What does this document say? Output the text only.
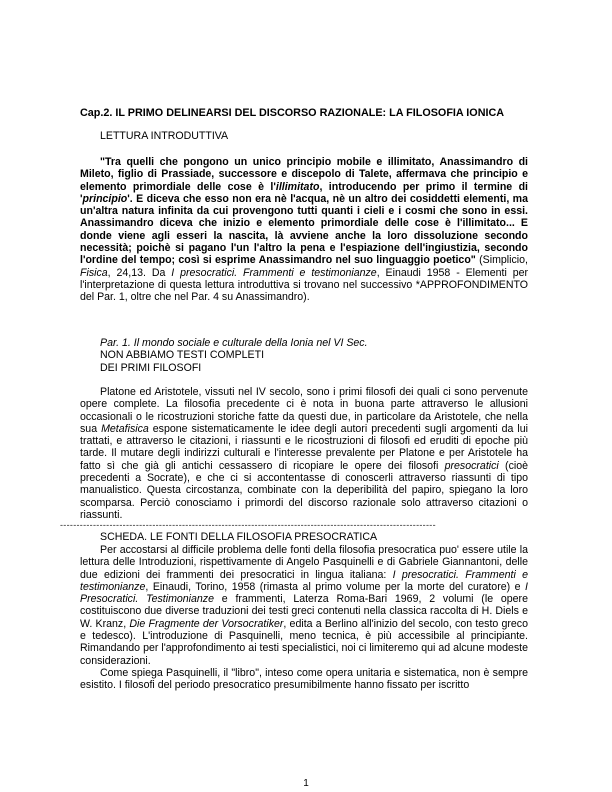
Cap.2. IL PRIMO DELINEARSI DEL DISCORSO RAZIONALE: LA FILOSOFIA IONICA
LETTURA INTRODUTTIVA
"Tra quelli che pongono un unico principio mobile e illimitato, Anassimandro di Mileto, figlio di Prassiade, successore e discepolo di Talete, affermava che principio e elemento primordiale delle cose è l'illimitato, introducendo per primo il termine di 'principio'. E diceva che esso non era nè l'acqua, nè un altro dei cosiddetti elementi, ma un'altra natura infinita da cui provengono tutti quanti i cieli e i cosmi che sono in essi. Anassimandro diceva che inizio e elemento primordiale delle cose è l'illimitato... E donde viene agli esseri la nascita, là avviene anche la loro dissoluzione secondo necessità; poichè si pagano l'un l'altro la pena e l'espiazione dell'ingiustizia, secondo l'ordine del tempo; così si esprime Anassimandro nel suo linguaggio poetico" (Simplicio, Fisica, 24,13. Da I presocratici. Frammenti e testimonianze, Einaudi 1958 - Elementi per l'interpretazione di questa lettura introduttiva si trovano nel successivo *APPROFONDIMENTO del Par. 1, oltre che nel Par. 4 su Anassimandro).
Par. 1. Il mondo sociale e culturale della Ionia nel VI Sec.
NON ABBIAMO TESTI COMPLETI
DEI PRIMI FILOSOFI
Platone ed Aristotele, vissuti nel IV secolo, sono i primi filosofi dei quali ci sono pervenute opere complete. La filosofia precedente ci è nota in buona parte attraverso le allusioni occasionali o le ricostruzioni storiche fatte da questi due, in particolare da Aristotele, che nella sua Metafisica espone sistematicamente le idee degli autori precedenti sugli argomenti da lui trattati, e attraverso le citazioni, i riassunti e le ricostruzioni di filosofi ed eruditi di epoche più tarde. Il mutare degli indirizzi culturali e l'interesse prevalente per Platone e per Aristotele ha fatto sì che già gli antichi cessassero di ricopiare le opere dei filosofi presocratici (cioè precedenti a Socrate), e che ci si accontentasse di conoscerli attraverso riassunti di tipo manualistico. Questa circostanza, combinate con la deperibilità del papiro, spiegano la loro scomparsa. Perciò conosciamo i primordi del discorso razionale solo attraverso citazioni o riassunti.
------------------------------------------------------------------------------------------------------------------
SCHEDA. LE FONTI DELLA FILOSOFIA PRESOCRATICA
Per accostarsi al difficile problema delle fonti della filosofia presocratica puo' essere utile la lettura delle Introduzioni, rispettivamente di Angelo Pasquinelli e di Gabriele Giannantoni, delle due edizioni dei frammenti dei presocratici in lingua italiana: I presocratici. Frammenti e testimonianze, Einaudi, Torino, 1958 (rimasta al primo volume per la morte del curatore) e I Presocratici. Testimonianze e frammenti, Laterza Roma-Bari 1969, 2 volumi (le opere costituiscono due diverse traduzioni dei testi greci contenuti nella classica raccolta di H. Diels e W. Kranz, Die Fragmente der Vorsocratiker, edita a Berlino all'inizio del secolo, con testo greco e tedesco). L'introduzione di Pasquinelli, meno tecnica, è più accessibile al principiante. Rimandando per l'approfondimento ai testi specialistici, noi ci limiteremo qui ad alcune modeste considerazioni.
Come spiega Pasquinelli, il "libro", inteso come opera unitaria e sistematica, non è sempre esistito. I filosofi del periodo presocratico presumibilmente hanno fissato per iscritto
1
